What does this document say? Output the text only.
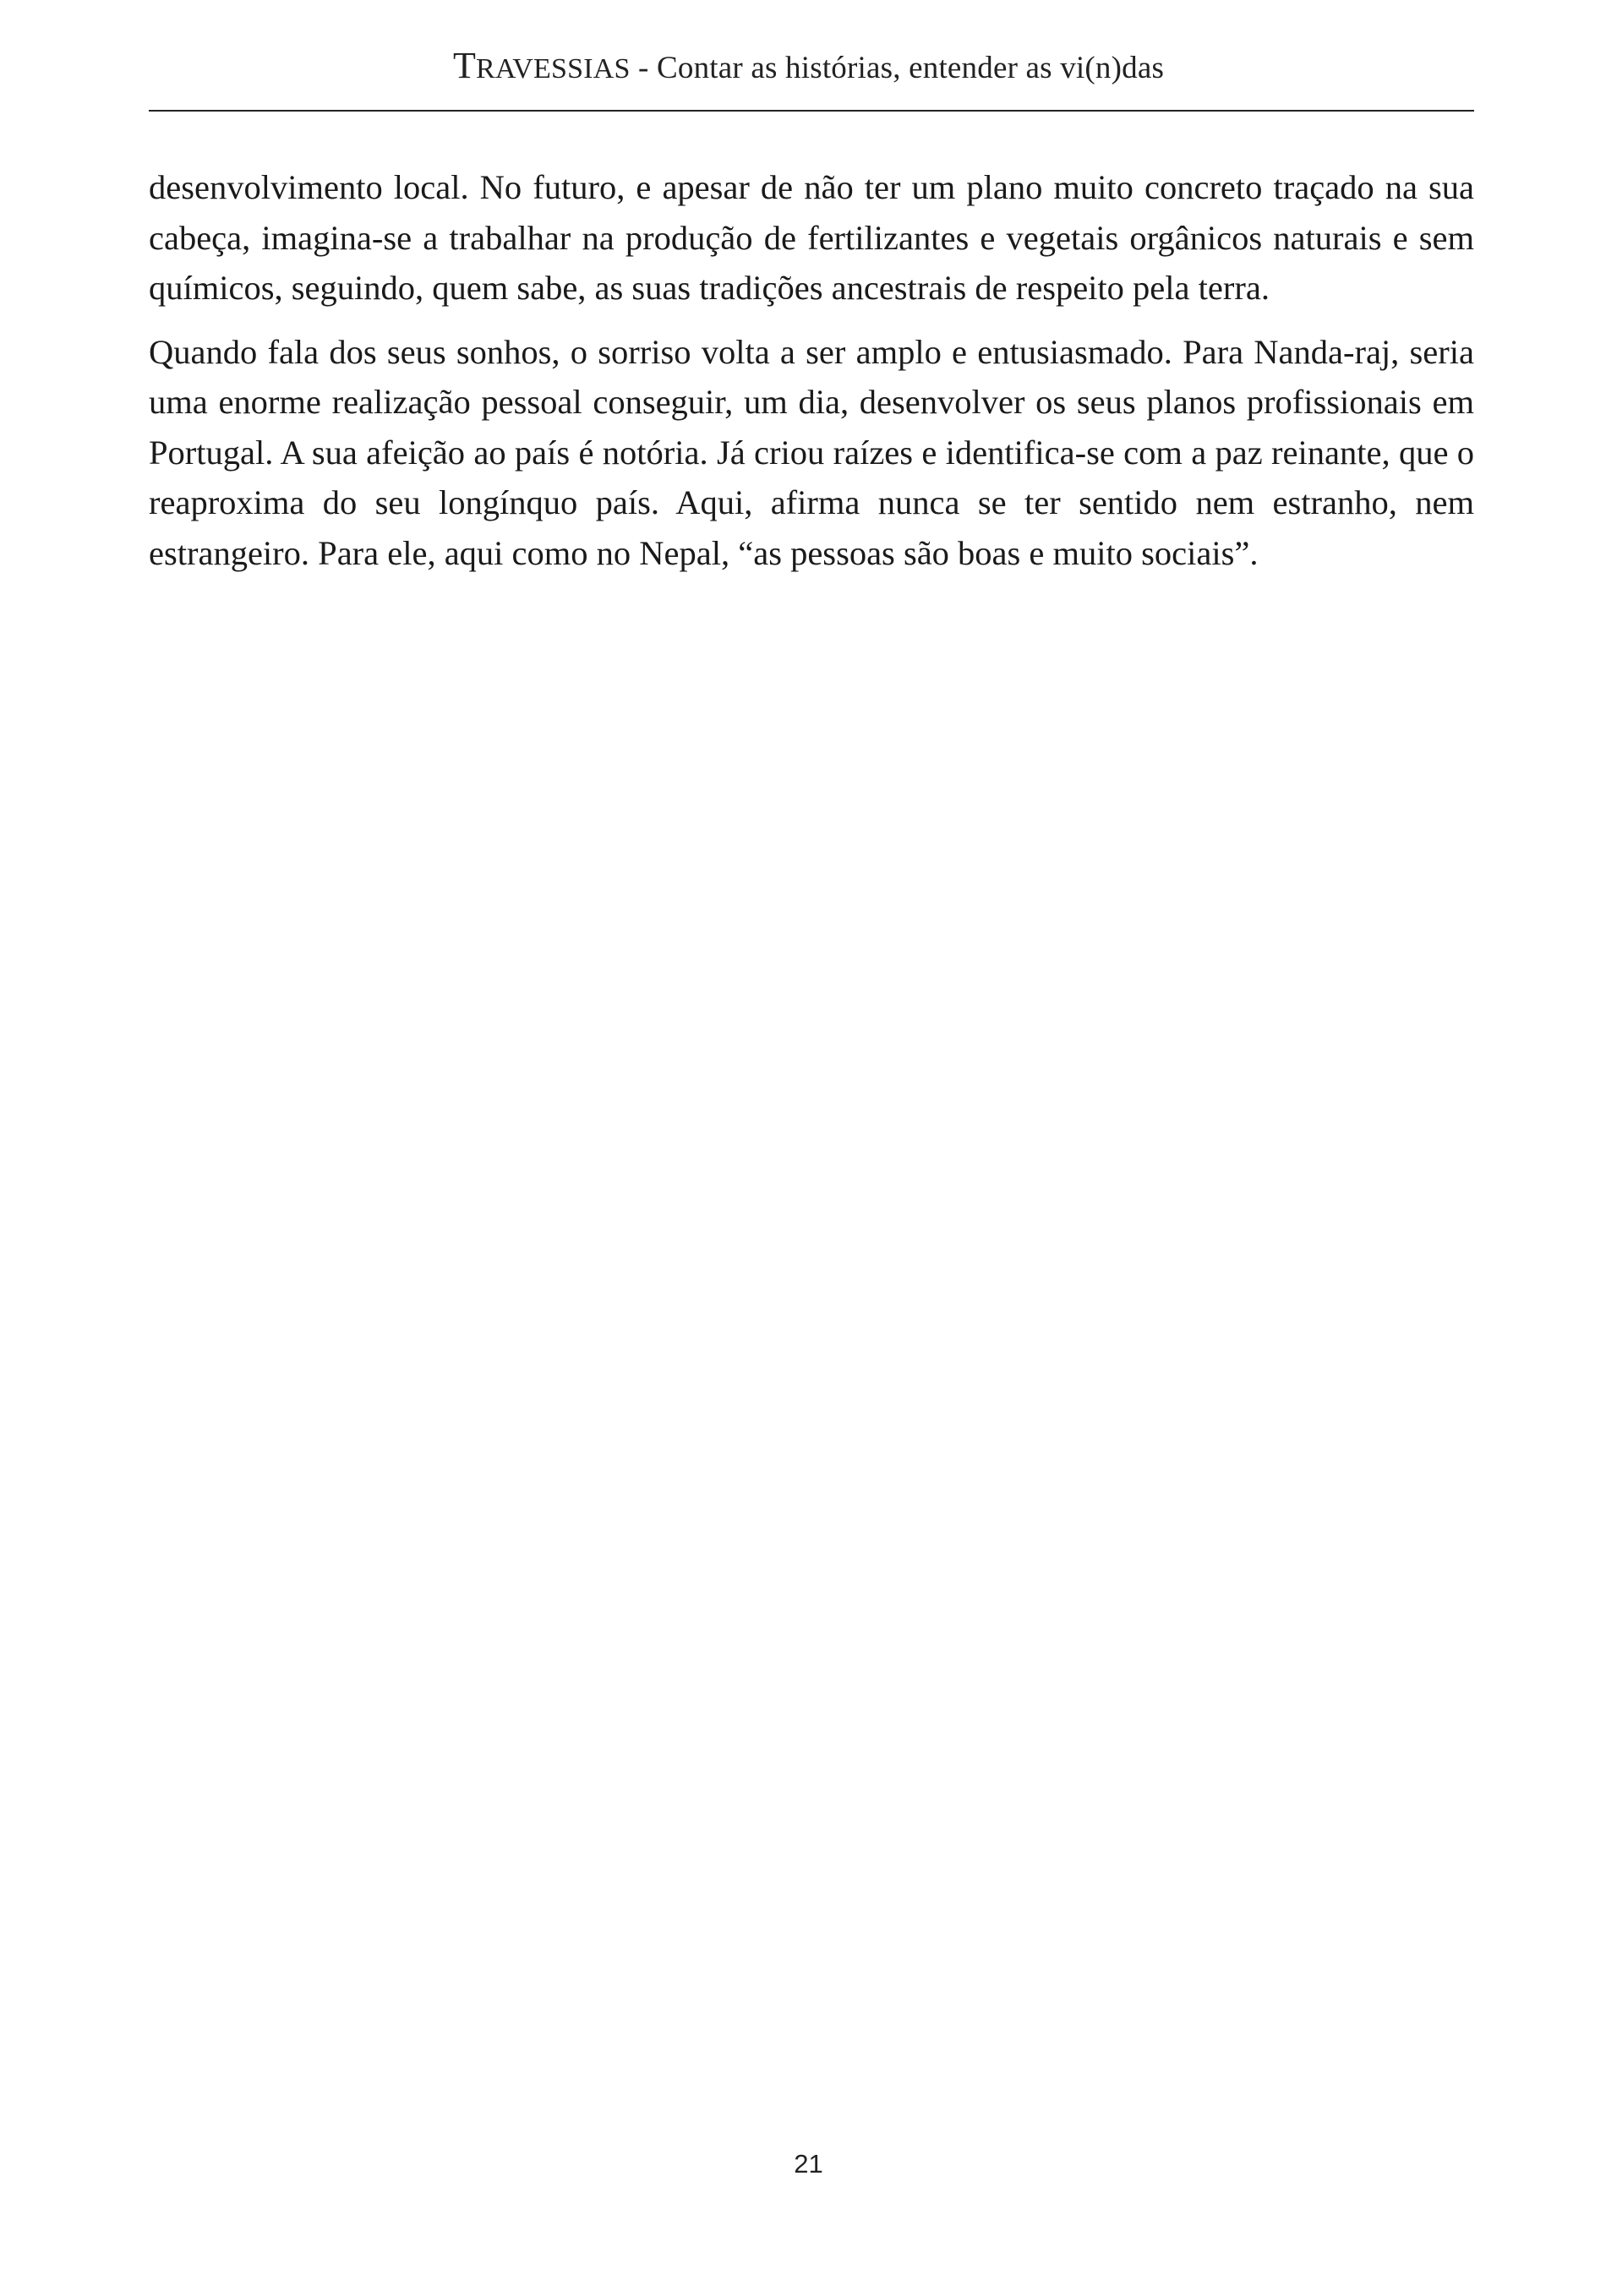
TRAVESSIAS - Contar as histórias, entender as vi(n)das

desenvolvimento local. No futuro, e apesar de não ter um plano muito concreto traçado na sua cabeça, imagina-se a trabalhar na produção de fertilizantes e vegetais orgânicos naturais e sem químicos, seguindo, quem sabe, as suas tradições ancestrais de respeito pela terra.

Quando fala dos seus sonhos, o sorriso volta a ser amplo e entusiasmado. Para Nanda-raj, seria uma enorme realização pessoal conseguir, um dia, desenvolver os seus planos profissionais em Portugal. A sua afeição ao país é notória. Já criou raízes e identifica-se com a paz reinante, que o reaproxima do seu longínquo país. Aqui, afirma nunca se ter sentido nem estranho, nem estrangeiro. Para ele, aqui como no Nepal, “as pessoas são boas e muito sociais”.

21
